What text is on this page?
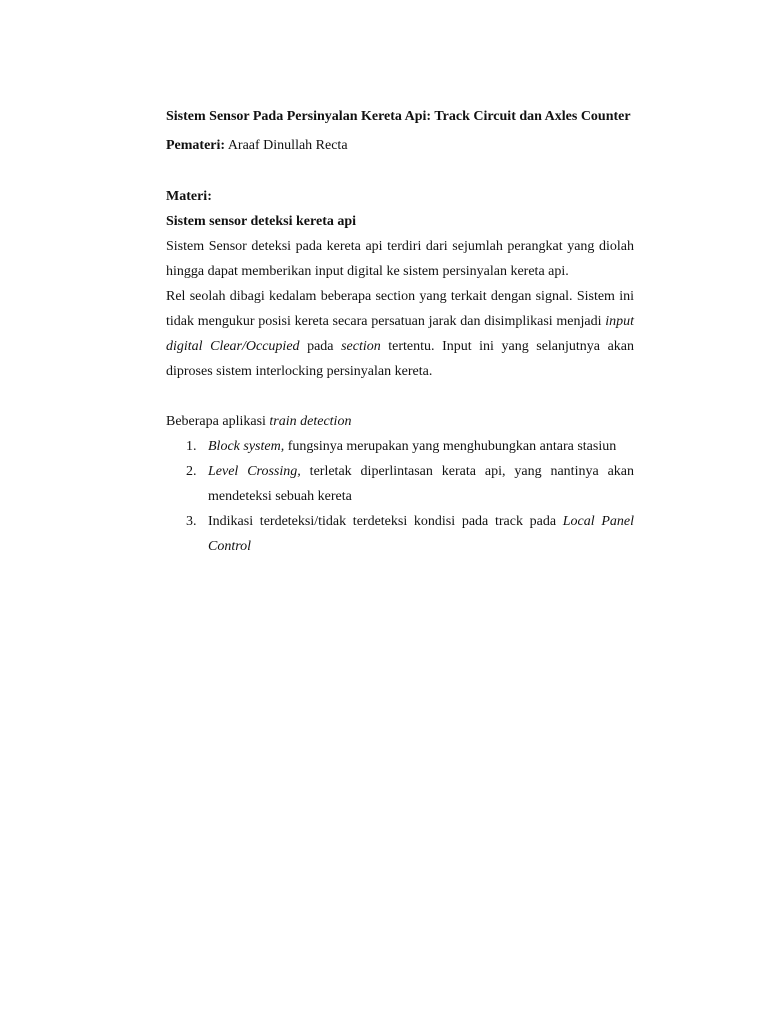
Sistem Sensor Pada Persinyalan Kereta Api: Track Circuit dan Axles Counter
Pemateri: Araaf Dinullah Recta
Materi:
Sistem sensor deteksi kereta api

Sistem Sensor deteksi pada kereta api terdiri dari sejumlah perangkat yang diolah hingga dapat memberikan input digital ke sistem persinyalan kereta api.

Rel seolah dibagi kedalam beberapa section yang terkait dengan signal. Sistem ini tidak mengukur posisi kereta secara persatuan jarak dan disimplikasi menjadi input digital Clear/Occupied pada section tertentu. Input ini yang selanjutnya akan diproses sistem interlocking persinyalan kereta.

Beberapa aplikasi train detection
1. Block system, fungsinya merupakan yang menghubungkan antara stasiun
2. Level Crossing, terletak diperlintasan kerata api, yang nantinya akan mendeteksi sebuah kereta
3. Indikasi terdeteksi/tidak terdeteksi kondisi pada track pada Local Panel Control
